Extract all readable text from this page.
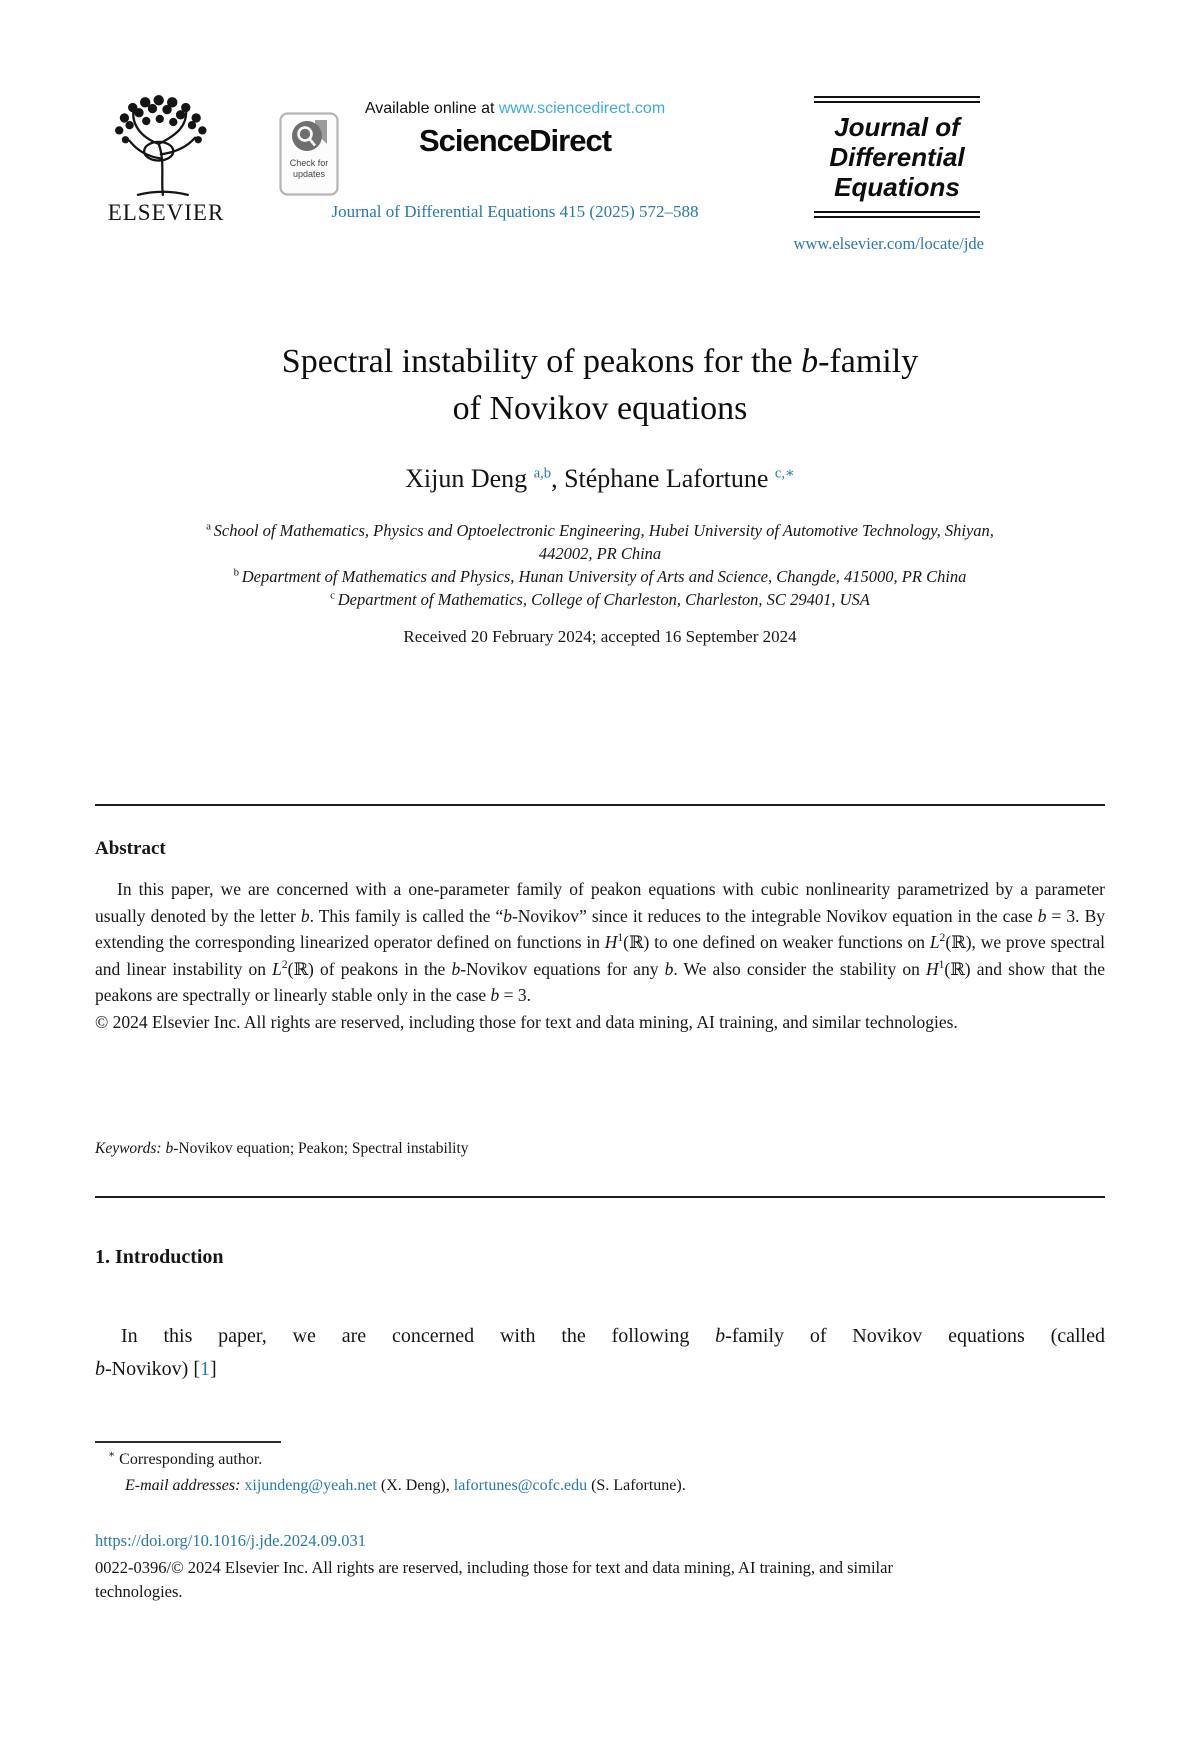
ELSEVIER
Check for
updates
Available online at www.sciencedirect.com
ScienceDirect
Journal of Differential Equations 415 (2025) 572–588
Journal of
Differential
Equations
www.elsevier.com/locate/jde
Spectral instability of peakons for the b-family
of Novikov equations
Xijun Deng $^{a,b}$, Stéphane Lafortune $^{c,∗}$
$^a$ School of Mathematics, Physics and Optoelectronic Engineering, Hubei University of Automotive Technology, Shiyan,
442002, PR China
$^b$ Department of Mathematics and Physics, Hunan University of Arts and Science, Changde, 415000, PR China
$^c$ Department of Mathematics, College of Charleston, Charleston, SC 29401, USA
Received 20 February 2024; accepted 16 September 2024
Abstract
In this paper, we are concerned with a one-parameter family of peakon equations with cubic nonlinearity parametrized by a parameter usually denoted by the letter b. This family is called the “b-Novikov” since it reduces to the integrable Novikov equation in the case b = 3. By extending the corresponding linearized operator defined on functions in $H^1(ℝ)$ to one defined on weaker functions on $L^2(ℝ)$, we prove spectral and linear instability on $L^2(ℝ)$ of peakons in the b-Novikov equations for any b. We also consider the stability on $H^1(ℝ)$ and show that the peakons are spectrally or linearly stable only in the case b = 3.
© 2024 Elsevier Inc. All rights are reserved, including those for text and data mining, AI training, and similar technologies.
Keywords: b-Novikov equation; Peakon; Spectral instability
1. Introduction
In this paper, we are concerned with the following b-family of Novikov equations (called
b-Novikov) [1]
∗ Corresponding author.
E-mail addresses: xijundeng@yeah.net (X. Deng), lafortunes@cofc.edu (S. Lafortune).
https://doi.org/10.1016/j.jde.2024.09.031
0022-0396/© 2024 Elsevier Inc. All rights are reserved, including those for text and data mining, AI training, and similar
technologies.
